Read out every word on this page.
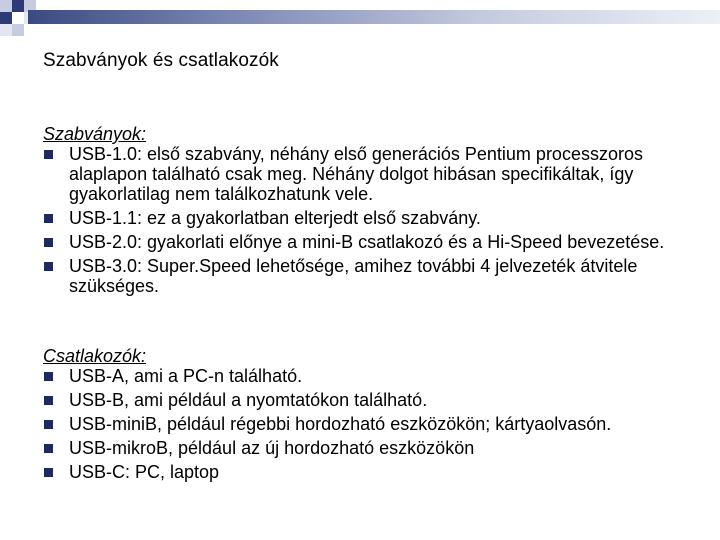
Szabványok és csatlakozók

Szabványok:

USB-1.0: első szabvány, néhány első generációs Pentium processzoros alaplapon található csak meg. Néhány dolgot hibásan specifikáltak, így gyakorlatilag nem találkozhatunk vele.
USB-1.1: ez a gyakorlatban elterjedt első szabvány.
USB-2.0: gyakorlati előnye a mini-B csatlakozó és a Hi-Speed bevezetése.
USB-3.0: Super.Speed lehetősége, amihez további 4 jelvezeték átvitele szükséges.

Csatlakozók:

USB-A, ami a PC-n található.
USB-B, ami például a nyomtatókon található.
USB-miniB, például régebbi hordozható eszközökön; kártyaolvasón.
USB-mikroB, például az új hordozható eszközökön
USB-C: PC, laptop
